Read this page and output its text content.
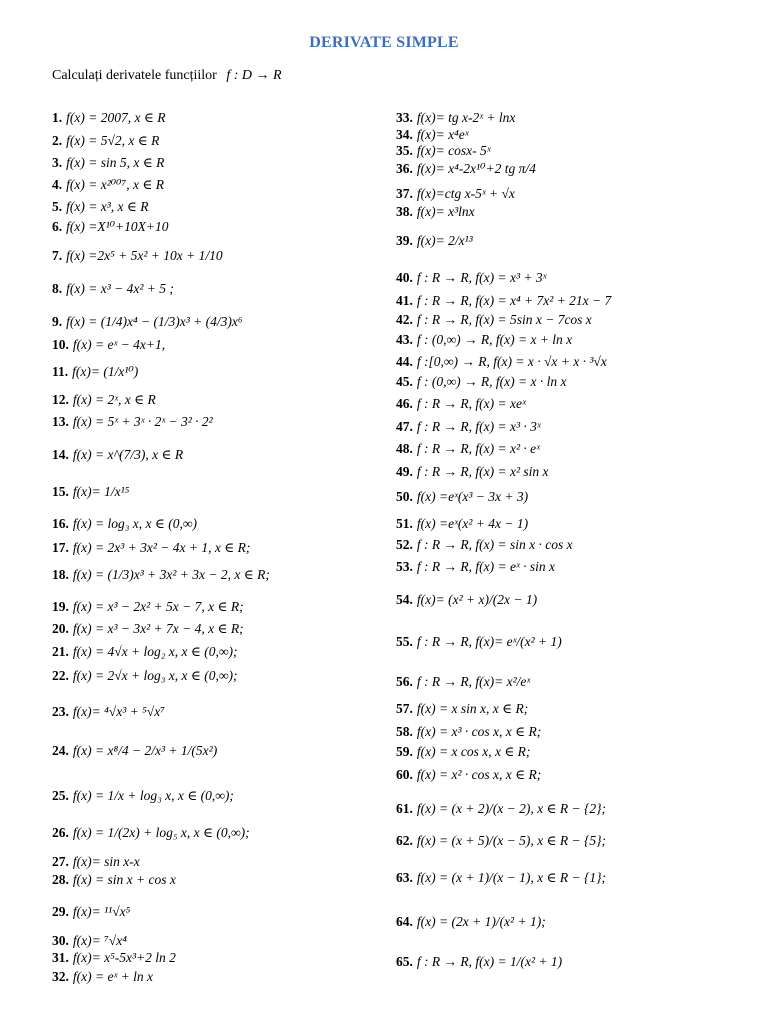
DERIVATE SIMPLE
Calculați derivatele funcțiilor f : D → R
1. f(x) = 2007, x ∈ R
2. f(x) = 5√2, x ∈ R
3. f(x) = sin 5, x ∈ R
4. f(x) = x²⁰⁰⁷, x ∈ R
5. f(x) = x³, x ∈ R
6. f(x) =X¹⁰+10X+10
7. f(x) =2x⁵ + 5x² + 10x + 1/10
8. f(x) = x³ − 4x² + 5 ;
9. f(x) = (1/4)x⁴ − (1/3)x³ + (4/3)x⁶
10. f(x) = eˣ − 4x+1,
11. f(x)= (1/x¹⁰)
12. f(x) = 2ˣ, x ∈ R
13. f(x) = 5ˣ + 3ˣ · 2ˣ − 3² · 2²
14. f(x) = x^(7/3), x ∈ R
15. f(x)= 1/x¹⁵
16. f(x) = log₃ x, x ∈ (0,∞)
17. f(x) = 2x³ + 3x² − 4x + 1, x ∈ R;
18. f(x) = (1/3)x³ + 3x² + 3x − 2, x ∈ R;
19. f(x) = x³ − 2x² + 5x − 7, x ∈ R;
20. f(x) = x³ − 3x² + 7x − 4, x ∈ R;
21. f(x) = 4√x + log₂ x, x ∈ (0,∞);
22. f(x) = 2√x + log₃ x, x ∈ (0,∞);
23. f(x)= ⁴√x³ + ⁵√x⁷
24. f(x) = x⁸/4 − 2/x³ + 1/(5x²)
25. f(x) = 1/x + log₃ x, x ∈ (0,∞);
26. f(x) = 1/(2x) + log₅ x, x ∈ (0,∞);
27. f(x)= sin x-x
28. f(x) = sin x + cos x
29. f(x)= ¹¹√x⁵
30. f(x)= ⁷√x⁴
31. f(x)= x⁵-5x³+2 ln 2
32. f(x) = eˣ + ln x
33. f(x)= tg x-2ˣ + lnx
34. f(x)= x⁴eˣ
35. f(x)= cosx- 5ˣ
36. f(x)= x⁴-2x¹⁰+2 tg π/4
37. f(x)=ctg x-5ˣ + √x
38. f(x)= x³lnx
39. f(x)= 2/x¹³
40. f : R → R, f(x) = x³ + 3ˣ
41. f : R → R, f(x) = x⁴ + 7x² + 21x − 7
42. f : R → R, f(x) = 5sin x − 7cos x
43. f : (0,∞) → R, f(x) = x + ln x
44. f :[0,∞) → R, f(x) = x · √x + x · ³√x
45. f : (0,∞) → R, f(x) = x · ln x
46. f : R → R, f(x) = xeˣ
47. f : R → R, f(x) = x³ · 3ˣ
48. f : R → R, f(x) = x² · eˣ
49. f : R → R, f(x) = x² sin x
50. f(x) =eˣ(x³ − 3x + 3)
51. f(x) =eˣ(x² + 4x − 1)
52. f : R → R, f(x) = sin x · cos x
53. f : R → R, f(x) = eˣ · sin x
54. f(x)= (x² + x)/(2x − 1)
55. f : R → R, f(x)= eˣ/(x² + 1)
56. f : R → R, f(x)= x²/eˣ
57. f(x) = x sin x, x ∈ R;
58. f(x) = x³ · cos x, x ∈ R;
59. f(x) = x cos x, x ∈ R;
60. f(x) = x² · cos x, x ∈ R;
61. f(x) = (x + 2)/(x − 2), x ∈ R − {2};
62. f(x) = (x + 5)/(x − 5), x ∈ R − {5};
63. f(x) = (x + 1)/(x − 1), x ∈ R − {1};
64. f(x) = (2x + 1)/(x² + 1);
65. f : R → R, f(x) = 1/(x² + 1)
